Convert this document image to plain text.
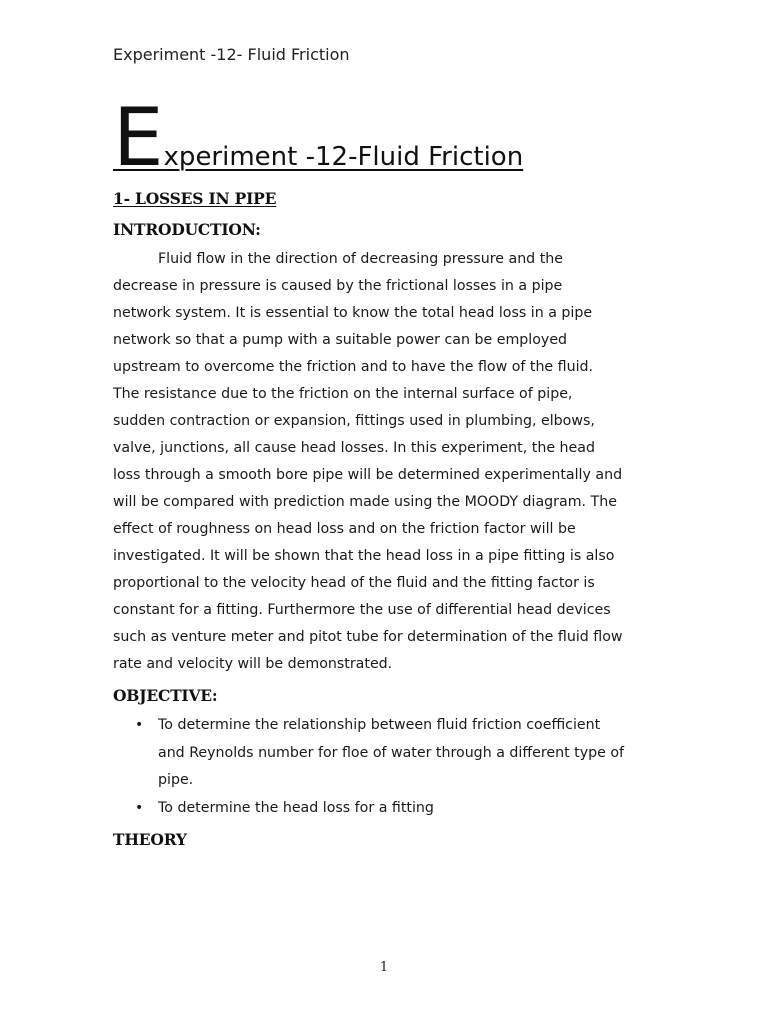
Experiment -12- Fluid Friction

Experiment -12-Fluid Friction
1- LOSSES IN PIPE
INTRODUCTION:
Fluid flow in the direction of decreasing pressure and the
decrease in pressure is caused by the frictional losses in a pipe
network system. It is essential to know the total head loss in a pipe
network so that a pump with a suitable power can be employed
upstream to overcome the friction and to have the flow of the fluid.
The resistance due to the friction on the internal surface of pipe,
sudden contraction or expansion, fittings used in plumbing, elbows,
valve, junctions, all cause head losses. In this experiment, the head
loss through a smooth bore pipe will be determined experimentally and
will be compared with prediction made using the MOODY diagram. The
effect of roughness on head loss and on the friction factor will be
investigated. It will be shown that the head loss in a pipe fitting is also
proportional to the velocity head of the fluid and the fitting factor is
constant for a fitting. Furthermore the use of differential head devices
such as venture meter and pitot tube for determination of the fluid flow
rate and velocity will be demonstrated.
OBJECTIVE:
• To determine the relationship between fluid friction coefficient
and Reynolds number for floe of water through a different type of
pipe.
• To determine the head loss for a fitting
THEORY

1
